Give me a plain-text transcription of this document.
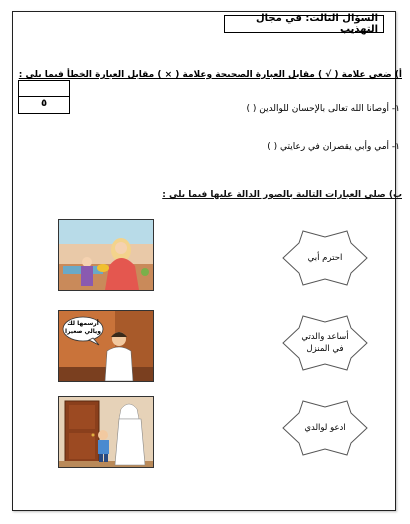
السؤال الثالث: في مجال التهذيب
٥
أ) ضعي علامة ( √ ) مقابل العبارة الصحيحة وعلامة ( × ) مقابل العبارة الخطأ فيما يلي :
١- أوصانا الله تعالى بالإحسان للوالدين ( )
١- أمي وأبي يقصران في رعايتي ( )
ب) صلي العبارات التالية بالصور الدالة عليها فيما يلي :
أرسمها لك
ويالي صغيرا
احترم أبي
أساعد والدتي
في المنزل
ادعو لوالدي
